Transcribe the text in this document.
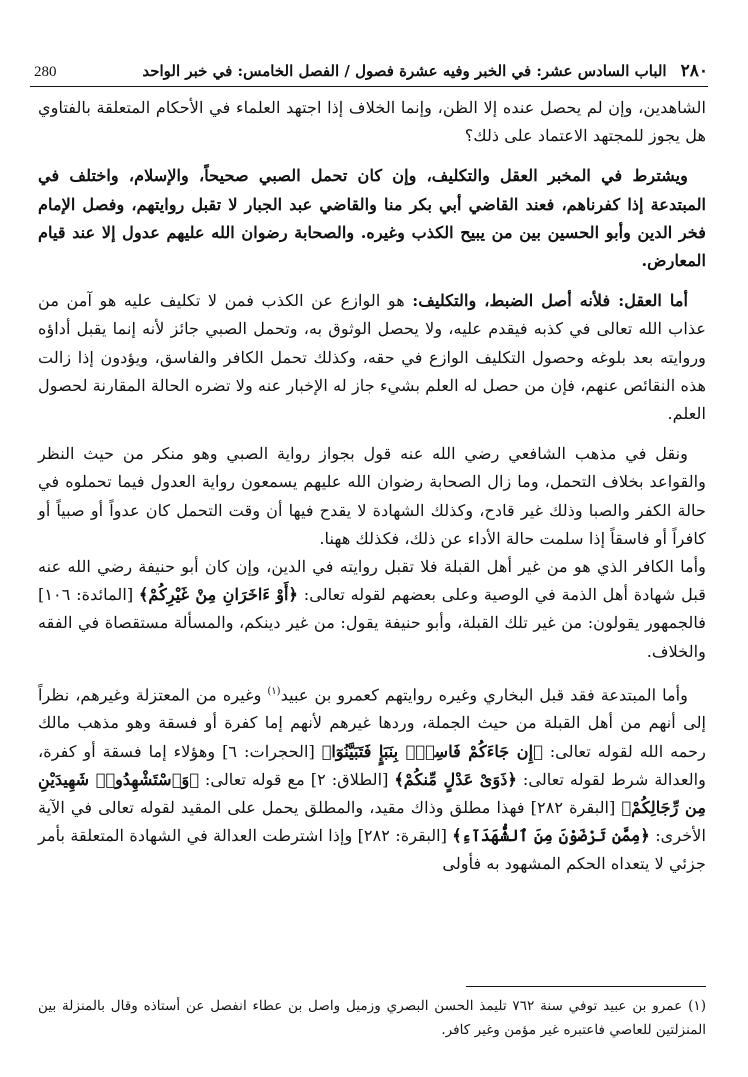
280	٢٨٠
الباب السادس عشر: في الخبر وفيه عشرة فصول / الفصل الخامس: في خبر الواحد

الشاهدين، وإن لم يحصل عنده إلا الظن، وإنما الخلاف إذا اجتهد العلماء في الأحكام المتعلقة بالفتاوي هل يجوز للمجتهد الاعتماد على ذلك؟

ويشترط في المخبر العقل والتكليف، وإن كان تحمل الصبي صحيحاً، والإسلام، واختلف في المبتدعة إذا كفرناهم، فعند القاضي أبي بكر منا والقاضي عبد الجبار لا تقبل روايتهم، وفصل الإمام فخر الدين وأبو الحسين بين من يبيح الكذب وغيره. والصحابة رضوان الله عليهم عدول إلا عند قيام المعارض.

أما العقل: فلأنه أصل الضبط، والتكليف: هو الوازع عن الكذب فمن لا تكليف عليه هو آمن من عذاب الله تعالى في كذبه فيقدم عليه، ولا يحصل الوثوق به، وتحمل الصبي جائز لأنه إنما يقبل أداؤه وروايته بعد بلوغه وحصول التكليف الوازع في حقه، وكذلك تحمل الكافر والفاسق، ويؤدون إذا زالت هذه النقائص عنهم، فإن من حصل له العلم بشيء جاز له الإخبار عنه ولا تضره الحالة المقارنة لحصول العلم.

ونقل في مذهب الشافعي رضي الله عنه قول بجواز رواية الصبي وهو منكر من حيث النظر والقواعد بخلاف التحمل، وما زال الصحابة رضوان الله عليهم يسمعون رواية العدول فيما تحملوه في حالة الكفر والصبا وذلك غير قادح، وكذلك الشهادة لا يقدح فيها أن وقت التحمل كان عدواً أو صبياً أو كافراً أو فاسقاً إذا سلمت حالة الأداء عن ذلك، فكذلك ههنا.

وأما الكافر الذي هو من غير أهل القبلة فلا تقبل روايته في الدين، وإن كان أبو حنيفة رضي الله عنه قبل شهادة أهل الذمة في الوصية وعلى بعضهم لقوله تعالى: ﴿أَوْ ءَاخَرَانِ مِنْ غَيْرِكُمْ﴾ [المائدة: ١٠٦] فالجمهور يقولون: من غير تلك القبلة، وأبو حنيفة يقول: من غير دينكم، والمسألة مستقصاة في الفقه والخلاف.

وأما المبتدعة فقد قبل البخاري وغيره روايتهم كعمرو بن عبيد$^{(١)}$ وغيره من المعتزلة وغيرهم، نظراً إلى أنهم من أهل القبلة من حيث الجملة، وردها غيرهم لأنهم إما كفرة أو فسقة وهو مذهب مالك رحمه الله لقوله تعالى: ﴿إِن جَاءَكُمْ فَاسِقُۢ بِنَبَإٍ فَتَبَيَّنُوٓا﴾ [الحجرات: ٦] وهؤلاء إما فسقة أو كفرة، والعدالة شرط لقوله تعالى: ﴿ذَوَىْ عَدْلٍ مِّنكُمْ﴾ [الطلاق: ٢] مع قوله تعالى: ﴿وَٱسْتَشْهِدُوا۟ شَهِيدَيْنِ مِن رِّجَالِكُمْ﴾ [البقرة ٢٨٢] فهذا مطلق وذاك مقيد، والمطلق يحمل على المقيد لقوله تعالى في الآية الأخرى: ﴿مِمَّن تَرْضَوْنَ مِنَ ٱلشُّهَدَآءِ﴾ [البقرة: ٢٨٢] وإذا اشترطت العدالة في الشهادة المتعلقة بأمر جزئي لا يتعداه الحكم المشهود به فأولى

(١) عمرو بن عبيد توفي سنة ٧٦٢ تليمذ الحسن البصري وزميل واصل بن عطاء انفصل عن أستاذه وقال بالمنزلة بين المنزلتين للعاصي فاعتبره غير مؤمن وغير كافر.
